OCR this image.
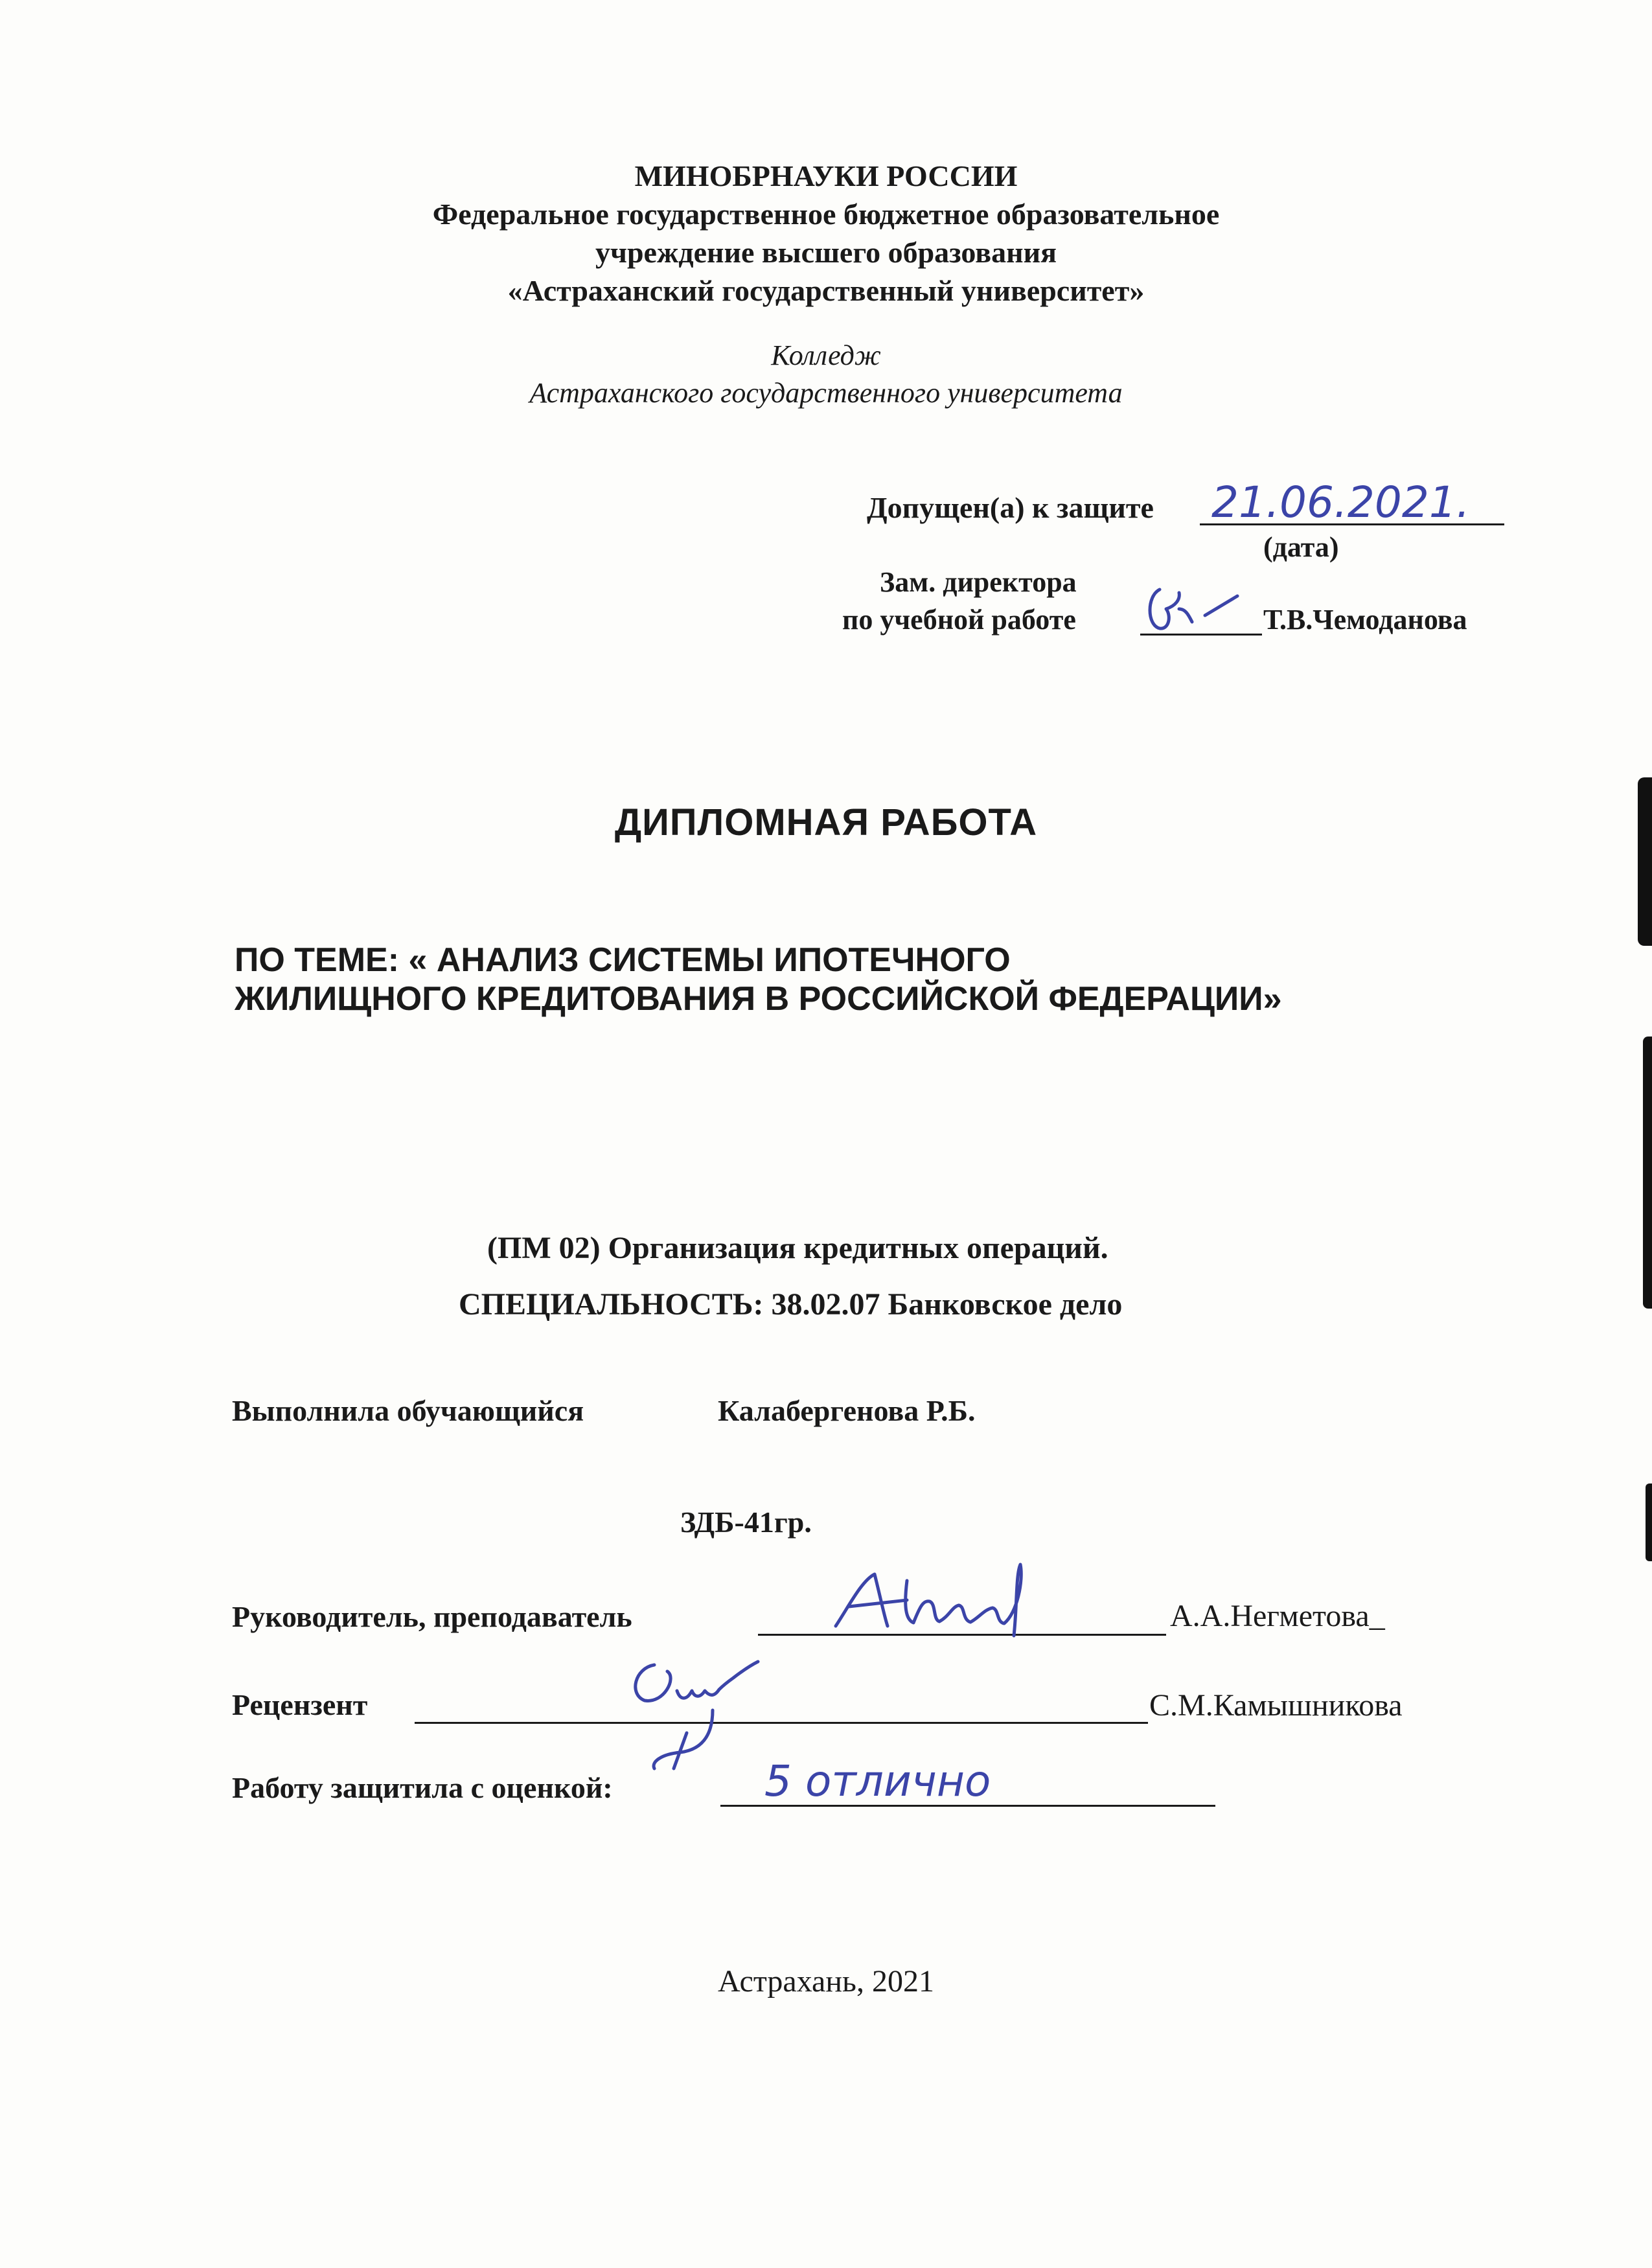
МИНОБРНАУКИ РОССИИ
Федеральное государственное бюджетное образовательное
учреждение высшего образования
«Астраханский государственный университет»
Колледж
Астраханского государственного университета
Допущен(а) к защите 21.06.2021.
(дата)
Зам. директора
по учебной работе	Т.В.Чемоданова
ДИПЛОМНАЯ РАБОТА
ПО ТЕМЕ: « АНАЛИЗ СИСТЕМЫ ИПОТЕЧНОГО
ЖИЛИЩНОГО КРЕДИТОВАНИЯ В РОССИЙСКОЙ ФЕДЕРАЦИИ»
(ПМ 02) Организация кредитных операций.
СПЕЦИАЛЬНОСТЬ: 38.02.07 Банковское дело
Выполнила обучающийся	Калабергенова Р.Б.
ЗДБ-41гр.
Руководитель, преподаватель	А.А.Негметова_
Рецензент	С.М.Камышникова
Работу защитила с оценкой:	5 отлично
Астрахань, 2021
